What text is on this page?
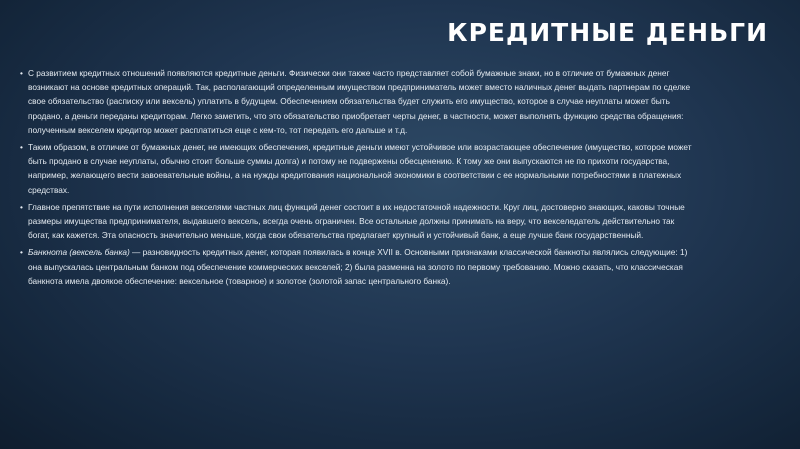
КРЕДИТНЫЕ ДЕНЬГИ

• С развитием кредитных отношений появляются кредитные деньги. Физически они также часто представляет собой бумажные знаки, но в отличие от бумажных денег возникают на основе кредитных операций. Так, располагающий определенным имуществом предприниматель может вместо наличных денег выдать партнерам по сделке свое обязательство (расписку или вексель) уплатить в будущем. Обеспечением обязательства будет служить его имущество, которое в случае неуплаты может быть продано, а деньги переданы кредиторам. Легко заметить, что это обязательство приобретает черты денег, в частности, может выполнять функцию средства обращения: полученным векселем кредитор может расплатиться еще с кем-то, тот передать его дальше и т.д.

• Таким образом, в отличие от бумажных денег, не имеющих обеспечения, кредитные деньги имеют устойчивое или возрастающее обеспечение (имущество, которое может быть продано в случае неуплаты, обычно стоит больше суммы долга) и потому не подвержены обесценению. К тому же они выпускаются не по прихоти государства, например, желающего вести завоевательные войны, а на нужды кредитования национальной экономики в соответствии с ее нормальными потребностями в платежных средствах.

• Главное препятствие на пути исполнения векселями частных лиц функций денег состоит в их недостаточной надежности. Круг лиц, достоверно знающих, каковы точные размеры имущества предпринимателя, выдавшего вексель, всегда очень ограничен. Все остальные должны принимать на веру, что векселедатель действительно так богат, как кажется. Эта опасность значительно меньше, когда свои обязательства предлагает крупный и устойчивый банк, а еще лучше банк государственный.

• Банкнота (вексель банка) — разновидность кредитных денег, которая появилась в конце XVII в. Основными признаками классической банкноты являлись следующие: 1) она выпускалась центральным банком под обеспечение коммерческих векселей; 2) была разменна на золото по первому требованию. Можно сказать, что классическая банкнота имела двоякое обеспечение: вексельное (товарное) и золотое (золотой запас центрального банка).
